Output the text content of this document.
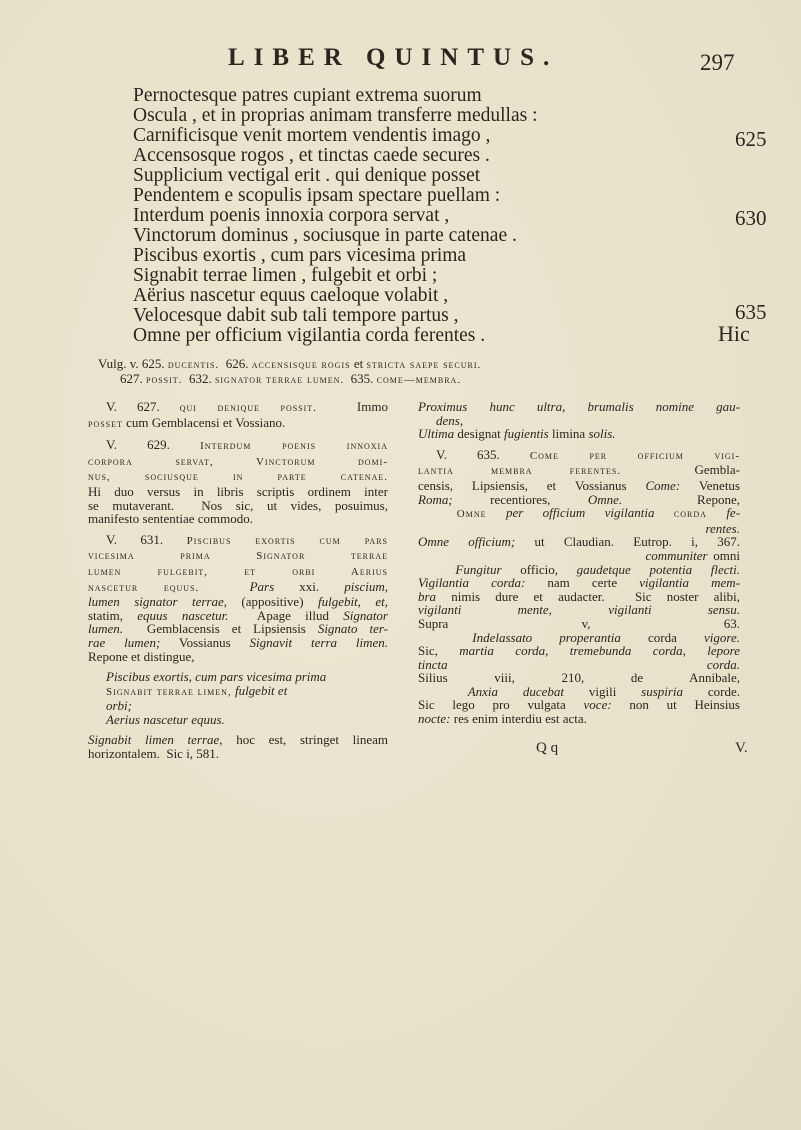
LIBER QUINTUS.	297
Pernoctesque patres cupiant extrema suorum
Oscula , et in proprias animam transferre medullas :
Carnificisque venit mortem vendentis imago ,
Accensosque rogos , et tinctas caede secures .
Supplicium vectigal erit . qui denique posset
Pendentem e scopulis ipsam spectare puellam :
Interdum poenis innoxia corpora servat ,
Vinctorum dominus , sociusque in parte catenae .
Piscibus exortis , cum pars vicesima prima
Signabit terrae limen , fulgebit et orbi ;
Aërius nascetur equus caeloque volabit ,
Velocesque dabit sub tali tempore partus ,
Omne per officium vigilantia corda ferentes .
625
630
635
Hic
Vulg. v. 625. ducentis.  626. accensisque rogis et stricta saepe securi.
627. possit.  632. signator terrae lumen.  635. come—membra.
V. 627. qui denique possit.  Immo
posset cum Gemblacensi et Vossiano.
V. 629. Interdum poenis innoxia
corpora servat, Vinctorum domi-
nus, sociusque in parte catenae.
Hi duo versus in libris scriptis ordinem inter
se mutaverant.  Nos sic, ut vides, posuimus,
manifesto sententiae commodo.
V. 631. Piscibus exortis cum pars
vicesima prima Signator terrae
lumen fulgebit, et orbi Aerius
nascetur equus.	Pars xxi. piscium,
lumen signator terrae, (appositive) fulgebit, et,
statim, equus nascetur.  Apage illud Signator
lumen.  Gemblacensis et Lipsiensis Signato ter-
rae lumen; Vossianus Signavit terra limen.
Repone et distingue,
Piscibus exortis, cum pars vicesima prima
Signabit terrae limen, fulgebit et
orbi;
Aerius nascetur equus.
Signabit limen terrae, hoc est, stringet lineam
horizontalem.  Sic i, 581.
Proximus hunc ultra, brumalis nomine gau-
dens,
Ultima designat fugientis limina solis.
V. 635. Come per officium vigi-
lantia membra ferentes.  Gembla-
censis, Lipsiensis, et Vossianus Come: Venetus
Roma; recentiores, Omne.  Repone,
Omne per officium vigilantia corda fe-
rentes.
Omne officium; ut Claudian. Eutrop. i, 367.
communiter omni
Fungitur officio, gaudetque potentia flecti.
Vigilantia corda: nam certe vigilantia mem-
bra nimis dure et audacter.  Sic noster alibi,
vigilanti mente, vigilanti sensu.
Supra v, 63.
Indelassato properantia corda vigore.
Sic, martia corda, tremebunda corda, lepore
tincta corda.
Silius viii, 210, de Annibale,
Anxia ducebat vigili suspiria corde.
Sic lego pro vulgata voce: non ut Heinsius
nocte: res enim interdiu est acta.
Q q	V.
